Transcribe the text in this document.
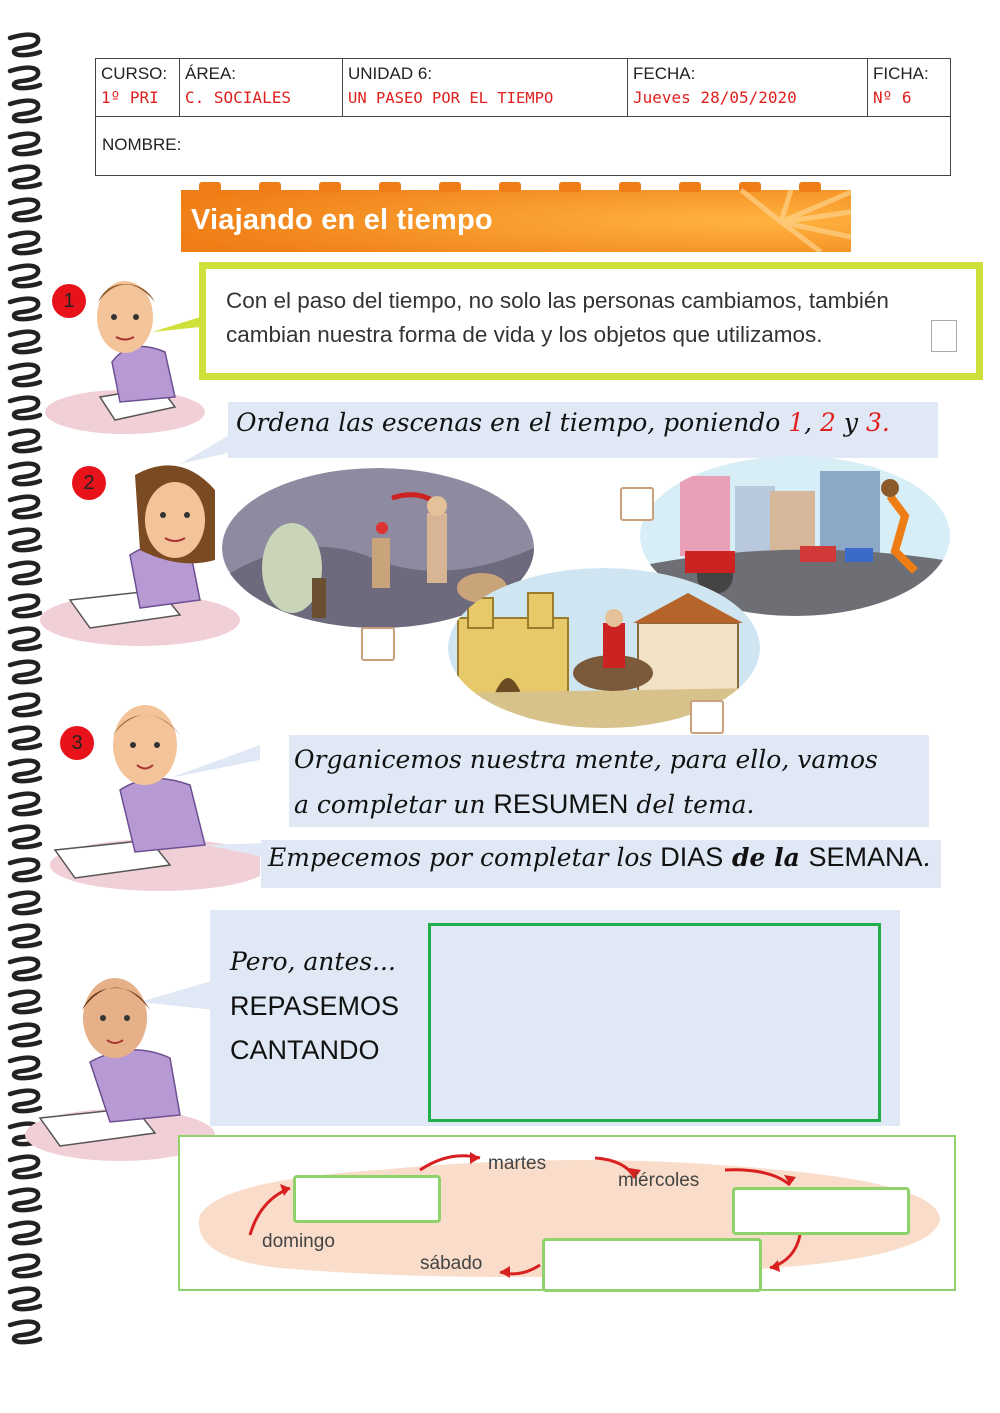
CURSO:
1º PRI
ÁREA:
C. SOCIALES
UNIDAD 6:
UN PASEO POR EL TIEMPO
FECHA:
Jueves 28/05/2020
FICHA:
Nº 6
NOMBRE:
Viajando en el tiempo
1	Con el paso del tiempo, no solo las personas cambiamos, también
cambian nuestra forma de vida y los objetos que utilizamos.
Ordena las escenas en el tiempo, poniendo 1, 2 y 3.
2
3
Organicemos nuestra mente, para ello, vamos
a completar un RESUMEN del tema.
Empecemos por completar los DIAS de la SEMANA.
Pero, antes...
REPASEMOS
CANTANDO
martes
miércoles
domingo
sábado
